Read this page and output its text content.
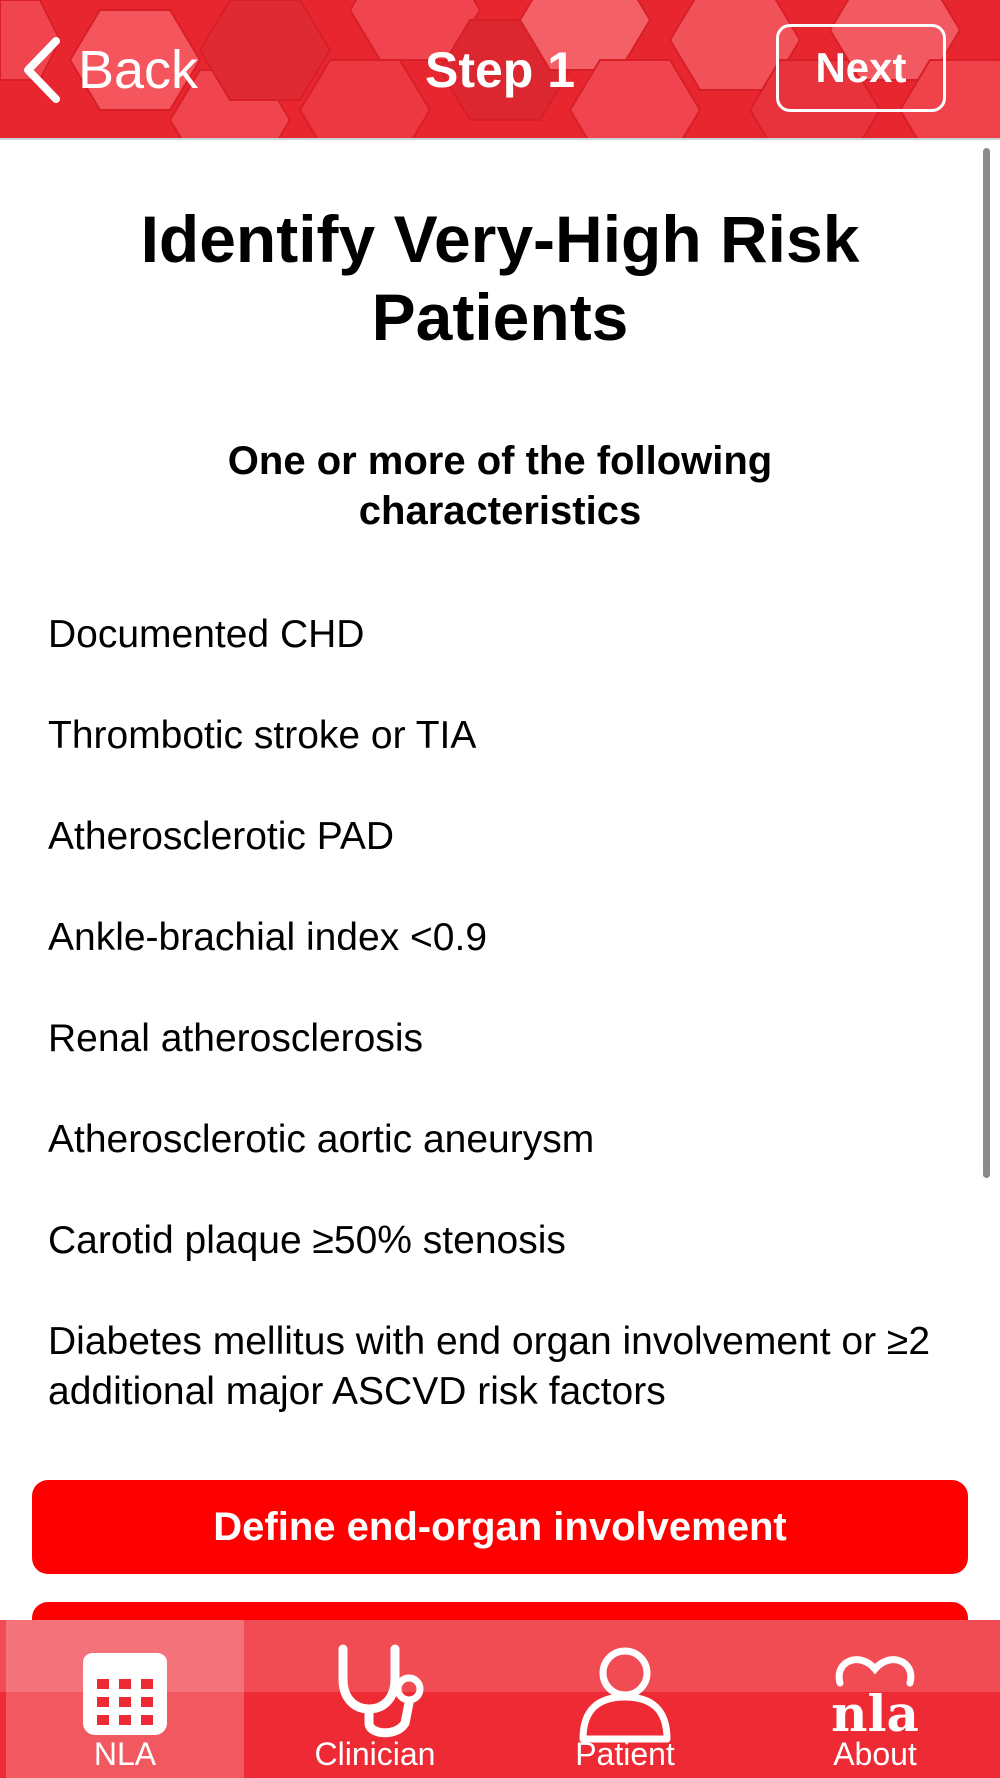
Back	Step 1	Next
Identify Very-High Risk Patients
One or more of the following characteristics
Documented CHD
Thrombotic stroke or TIA
Atherosclerotic PAD
Ankle-brachial index <0.9
Renal atherosclerosis
Atherosclerotic aortic aneurysm
Carotid plaque ≥50% stenosis
Diabetes mellitus with end organ involvement or ≥2 additional major ASCVD risk factors
Define end-organ involvement
NLA	Clinician	Patient
nla
About
